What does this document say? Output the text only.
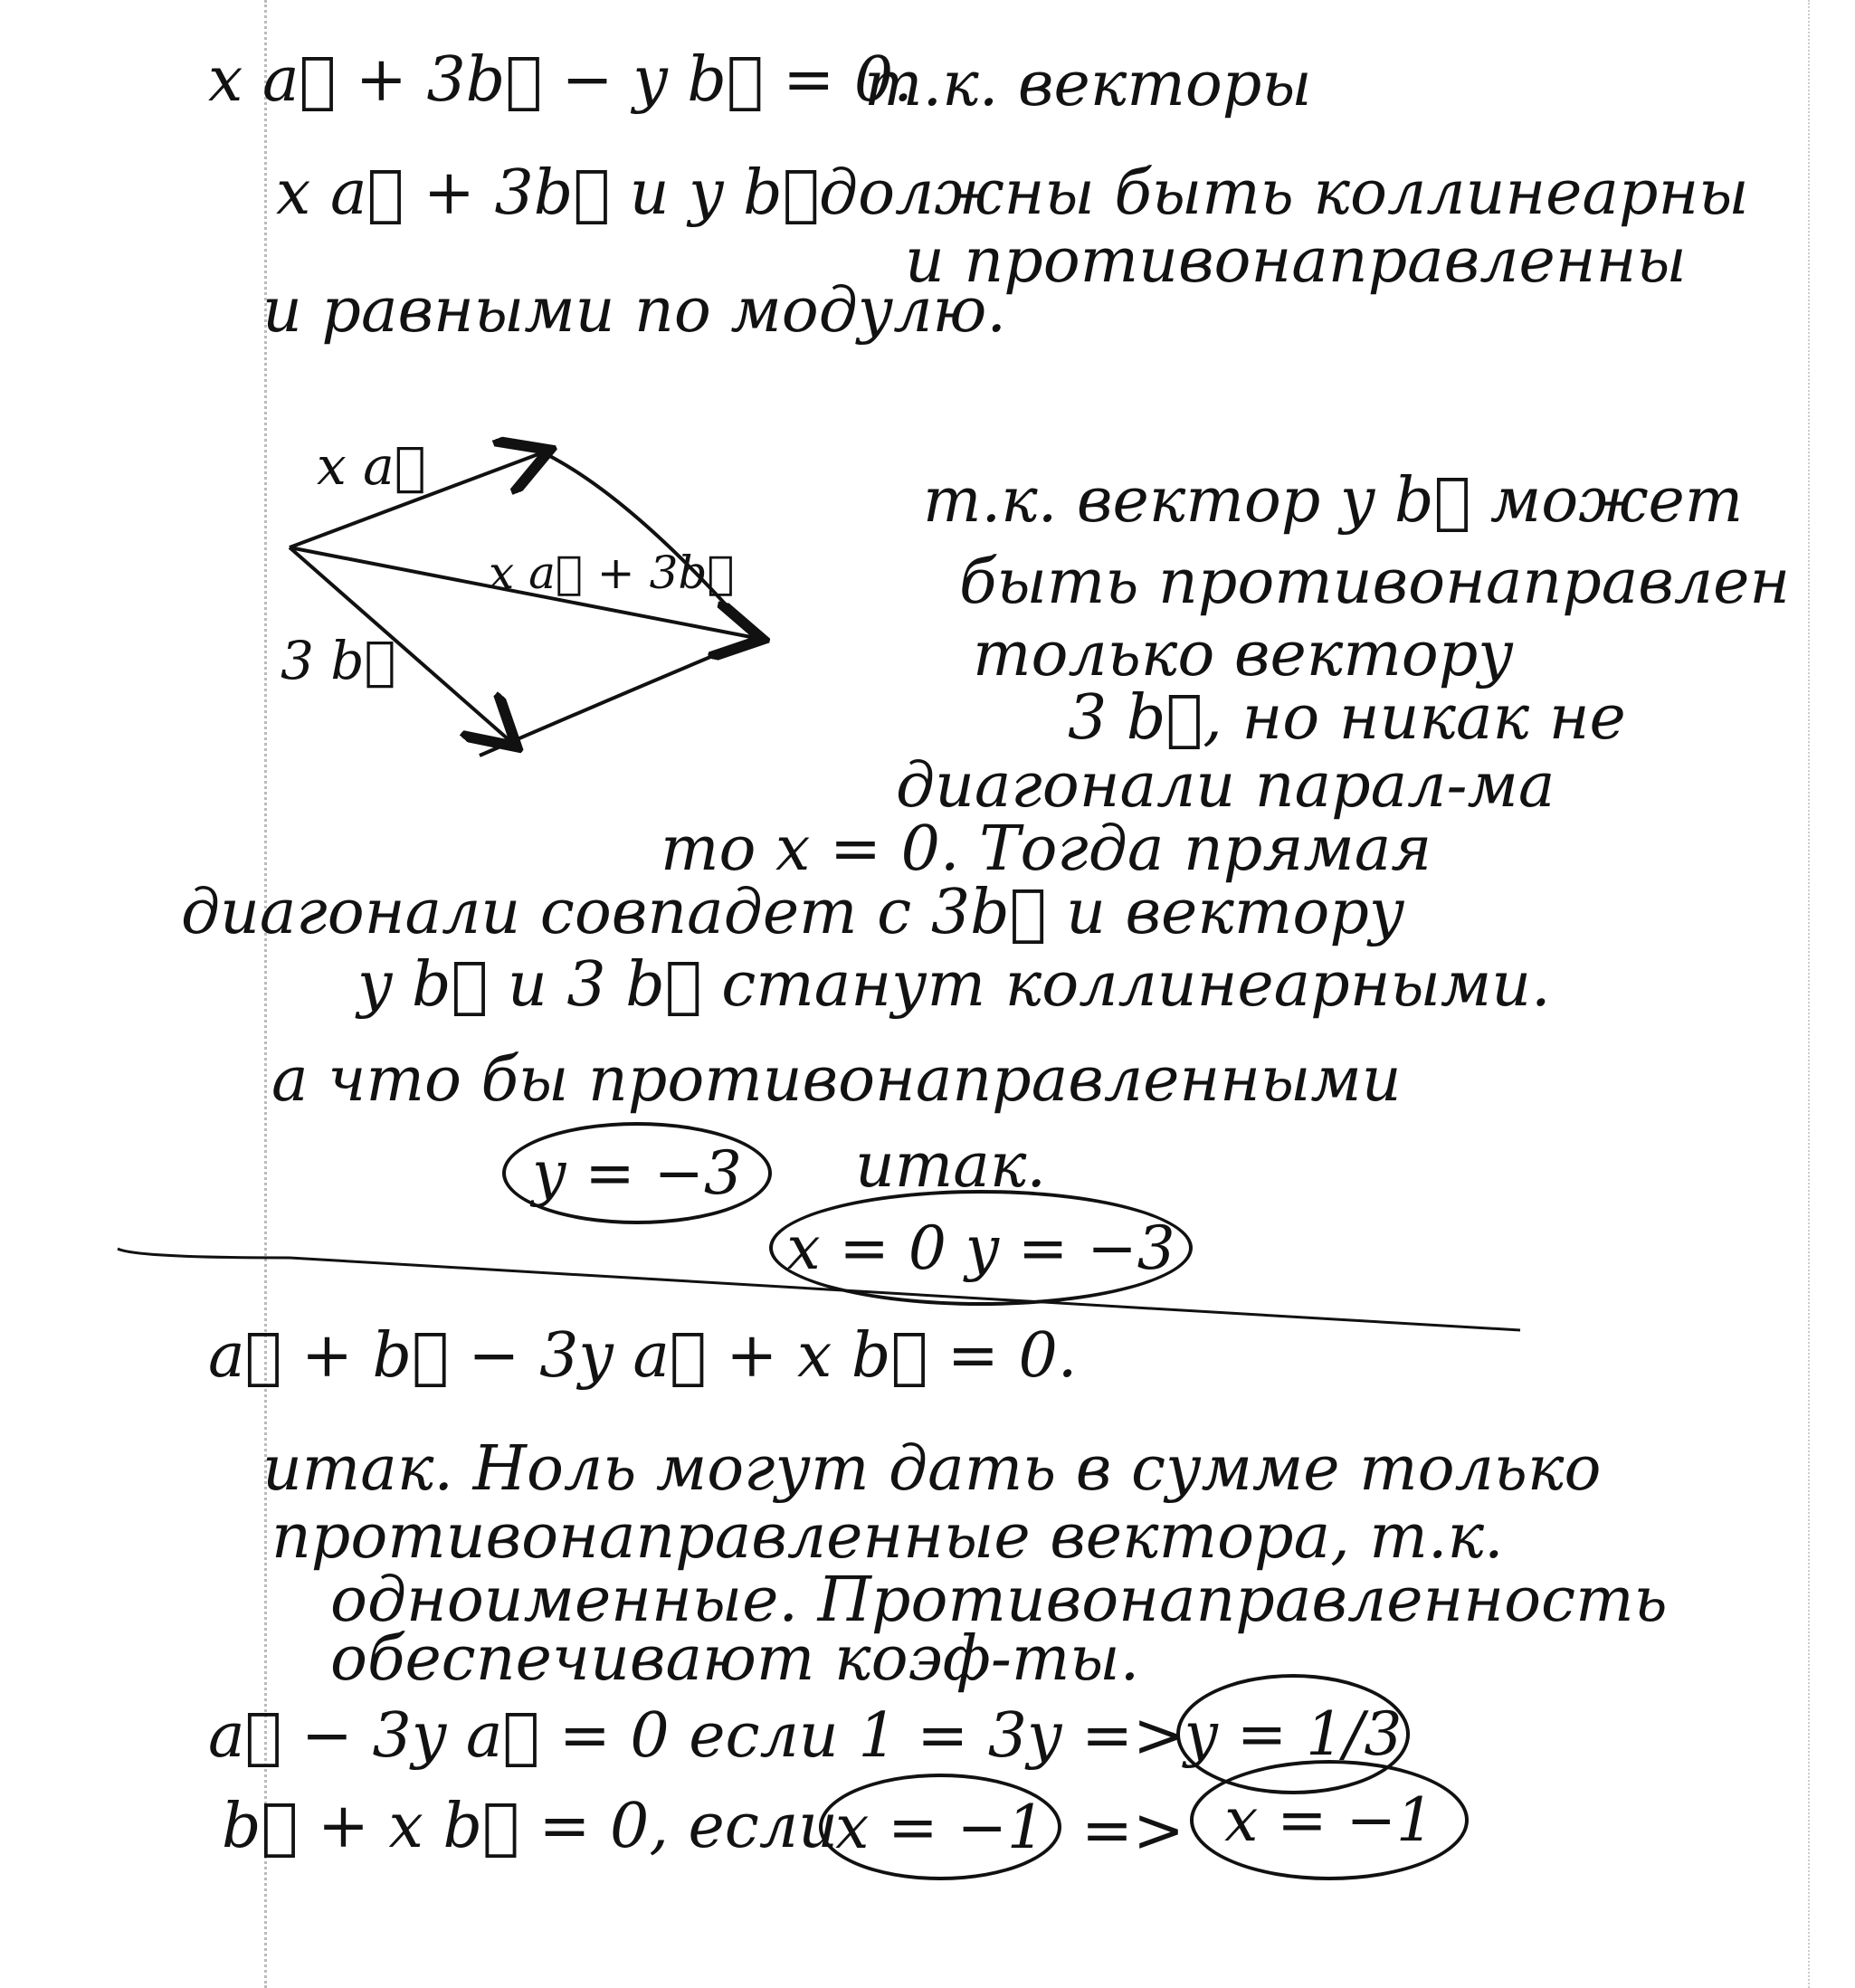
x a⃗ + 3b⃗ − y b⃗ = 0.
т.к. векторы
x a⃗ + 3b⃗ и y b⃗ должны быть коллинеарны
и противонаправленны
и равными по модулю.
x a⃗
3 b⃗
x a⃗ + 3b⃗
т.к. вектор y b⃗ может
быть противонаправлен
только вектору
3 b⃗, но никак не
диагонали парал-ма
то x = 0. Тогда прямая
диагонали совпадет с 3b⃗ и вектору
y b⃗ и 3 b⃗ станут коллинеарными.
а что бы противонаправленными
y = −3	итак.
x = 0 y = −3
a⃗ + b⃗ − 3y a⃗ + x b⃗ = 0.
итак. Ноль могут дать в сумме только
противонаправленные вектора, т.к.
одноименные. Противонаправленность
обеспечивают коэф-ты.
a⃗ − 3y a⃗ = 0 если 1 = 3y => y = 1/3
b⃗ + x b⃗ = 0, если
x = −1 => x = −1
